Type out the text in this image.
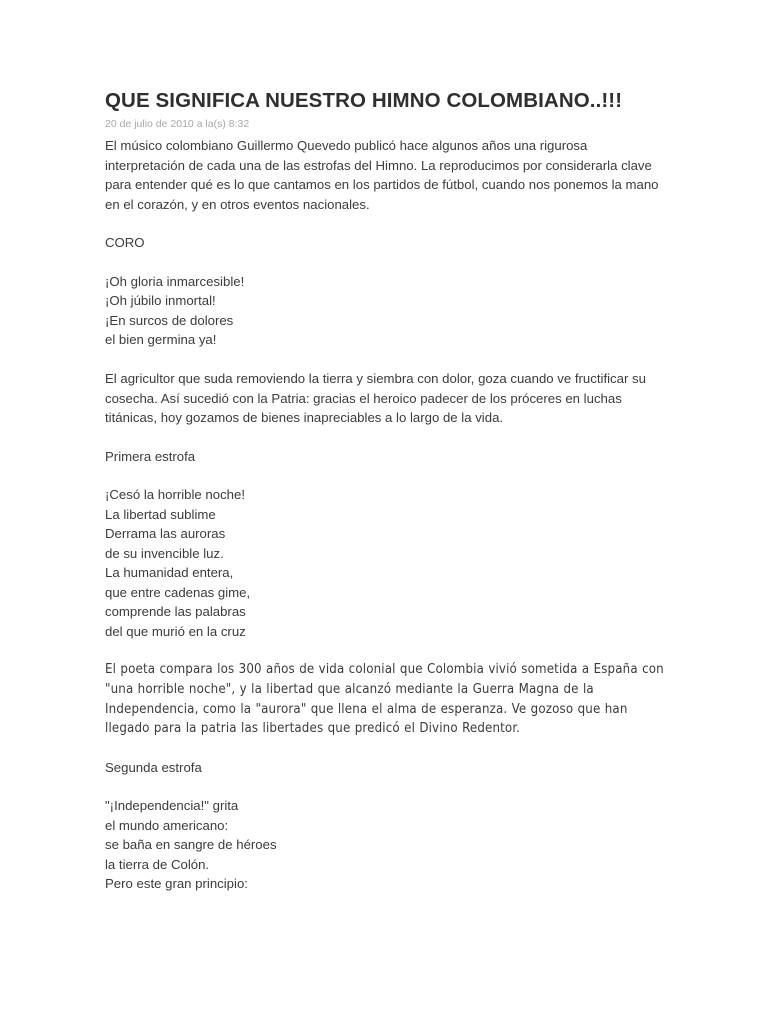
QUE SIGNIFICA NUESTRO HIMNO COLOMBIANO..!!!

20 de julio de 2010 a la(s) 8:32

El músico colombiano Guillermo Quevedo publicó hace algunos años una rigurosa interpretación de cada una de las estrofas del Himno. La reproducimos por considerarla clave para entender qué es lo que cantamos en los partidos de fútbol, cuando nos ponemos la mano en el corazón, y en otros eventos nacionales.

CORO

¡Oh gloria inmarcesible!
¡Oh júbilo inmortal!
¡En surcos de dolores
el bien germina ya!

El agricultor que suda removiendo la tierra y siembra con dolor, goza cuando ve fructificar su cosecha. Así sucedió con la Patria: gracias el heroico padecer de los próceres en luchas titánicas, hoy gozamos de bienes inapreciables a lo largo de la vida.

Primera estrofa

¡Cesó la horrible noche!
La libertad sublime
Derrama las auroras
de su invencible luz.
La humanidad entera,
que entre cadenas gime,
comprende las palabras
del que murió en la cruz

El poeta compara los 300 años de vida colonial que Colombia vivió sometida a España con "una horrible noche", y la libertad que alcanzó mediante la Guerra Magna de la Independencia, como la "aurora" que llena el alma de esperanza. Ve gozoso que han llegado para la patria las libertades que predicó el Divino Redentor.

Segunda estrofa

"¡Independencia!" grita
el mundo americano:
se baña en sangre de héroes
la tierra de Colón.
Pero este gran principio:
